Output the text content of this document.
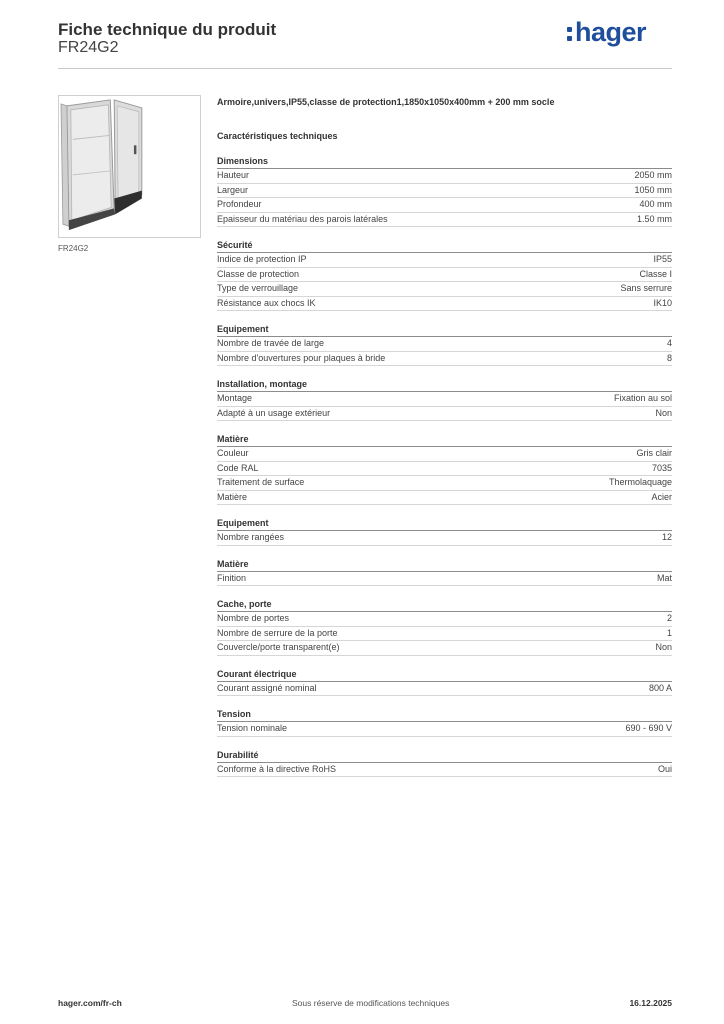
Fiche technique du produit
FR24G2
hager
FR24G2
Armoire,univers,IP55,classe de protection1,1850x1050x400mm + 200 mm socle
Caractéristiques techniques
Dimensions
Hauteur	2050 mm
Largeur	1050 mm
Profondeur	400 mm
Epaisseur du matériau des parois latérales	1.50 mm
Sécurité
Indice de protection IP	IP55
Classe de protection	Classe I
Type de verrouillage	Sans serrure
Résistance aux chocs IK	IK10
Equipement
Nombre de travée de large	4
Nombre d'ouvertures pour plaques à bride	8
Installation, montage
Montage	Fixation au sol
Adapté à un usage extérieur	Non
Matière
Couleur	Gris clair
Code RAL	7035
Traitement de surface	Thermolaquage
Matière	Acier
Equipement
Nombre rangées	12
Matière
Finition	Mat
Cache, porte
Nombre de portes	2
Nombre de serrure de la porte	1
Couvercle/porte transparent(e)	Non
Courant électrique
Courant assigné nominal	800 A
Tension
Tension nominale	690 - 690 V
Durabilité
Conforme à la directive RoHS	Oui
hager.com/fr-ch	Sous réserve de modifications techniques	16.12.2025
